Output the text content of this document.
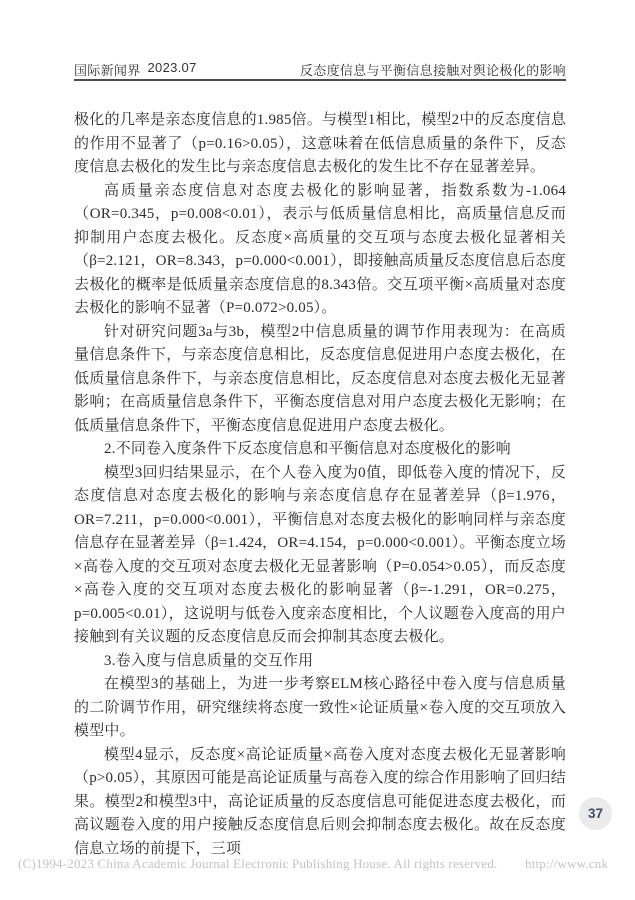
国际新闻界 2023.07	反态度信息与平衡信息接触对舆论极化的影响

极化的几率是亲态度信息的1.985倍。与模型1相比，模型2中的反态度信息的作用不显著了（p=0.16>0.05），这意味着在低信息质量的条件下，反态度信息去极化的发生比与亲态度信息去极化的发生比不存在显著差异。

高质量亲态度信息对态度去极化的影响显著，指数系数为-1.064（OR=0.345，p=0.008<0.01），表示与低质量信息相比，高质量信息反而抑制用户态度去极化。反态度×高质量的交互项与态度去极化显著相关（β=2.121，OR=8.343，p=0.000<0.001），即接触高质量反态度信息后态度去极化的概率是低质量亲态度信息的8.343倍。交互项平衡×高质量对态度去极化的影响不显著（P=0.072>0.05）。

针对研究问题3a与3b，模型2中信息质量的调节作用表现为：在高质量信息条件下，与亲态度信息相比，反态度信息促进用户态度去极化，在低质量信息条件下，与亲态度信息相比，反态度信息对态度去极化无显著影响；在高质量信息条件下，平衡态度信息对用户态度去极化无影响；在低质量信息条件下，平衡态度信息促进用户态度去极化。

2.不同卷入度条件下反态度信息和平衡信息对态度极化的影响

模型3回归结果显示，在个人卷入度为0值，即低卷入度的情况下，反态度信息对态度去极化的影响与亲态度信息存在显著差异（β=1.976，OR=7.211，p=0.000<0.001），平衡信息对态度去极化的影响同样与亲态度信息存在显著差异（β=1.424，OR=4.154，p=0.000<0.001）。平衡态度立场×高卷入度的交互项对态度去极化无显著影响（P=0.054>0.05），而反态度×高卷入度的交互项对态度去极化的影响显著（β=-1.291，OR=0.275，p=0.005<0.01），这说明与低卷入度亲态度相比，个人议题卷入度高的用户接触到有关议题的反态度信息反而会抑制其态度去极化。

3.卷入度与信息质量的交互作用

在模型3的基础上，为进一步考察ELM核心路径中卷入度与信息质量的二阶调节作用，研究继续将态度一致性×论证质量×卷入度的交互项放入模型中。

模型4显示，反态度×高论证质量×高卷入度对态度去极化无显著影响（p>0.05），其原因可能是高论证质量与高卷入度的综合作用影响了回归结果。模型2和模型3中，高论证质量的反态度信息可能促进态度去极化，而高议题卷入度的用户接触反态度信息后则会抑制态度去极化。故在反态度信息立场的前提下，三项

37
(C)1994-2023 China Academic Journal Electronic Publishing House. All rights reserved. http://www.cnk
